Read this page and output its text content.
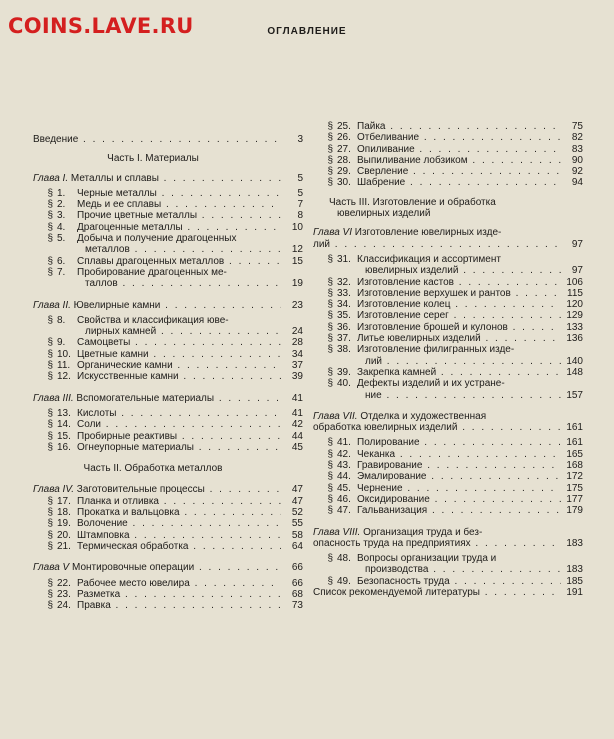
COINS.LAVE.RU	ОГЛАВЛЕНИЕ
Введение . . .	3
Часть I. Материалы
Глава I. Металлы и сплавы . . .	5
§ 1.	Черные металлы . . .	5
§ 2.	Медь и ее сплавы . . .	7
§ 3.	Прочие цветные металлы . . .	8
§ 4.	Драгоценные металлы . . .	10
§ 5.	Добыча и получение драгоценных
металлов . . .	12
§ 6.	Сплавы драгоценных металлов . . .	15
§ 7.	Пробирование драгоценных ме-
таллов . . .	19
Глава II. Ювелирные камни . . .	23
§ 8.	Свойства и классификация юве-
лирных камней . . .	24
§ 9.	Самоцветы . . .	28
§ 10. Цветные камни . . .	34
§ 11. Органические камни . . .	37
§ 12. Искусственные камни . . .	39
Глава III. Вспомогательные материалы . . .	41
§ 13. Кислоты . . .	41
§ 14. Соли . . .	42
§ 15. Пробирные реактивы . . .	44
§ 16. Огнеупорные материалы . . .	45
Часть II. Обработка металлов
Глава IV. Заготовительные процессы . . .	47
§ 17. Планка и отливка . . .	47
§ 18. Прокатка и вальцовка . . .	52
§ 19. Волочение . . .	55
§ 20. Штамповка . . .	58
§ 21. Термическая обработка . . .	64
Глава V Монтировочные операции . . .	66
§ 22. Рабочее место ювелира . . .	66
§ 23. Разметка . . .	68
§ 24. Правка . . .	73
§ 25. Пайка . . .	75
§ 26. Отбеливание . . .	82
§ 27. Опиливание . . .	83
§ 28. Выпиливание лобзиком . . .	90
§ 29. Сверление . . .	92
§ 30. Шабрение . . .	94
Часть III. Изготовление и обработка
ювелирных изделий
Глава VI Изготовление ювелирных изде-
лий . . .	97
§ 31. Классификация и ассортимент
ювелирных изделий . . .	97
§ 32. Изготовление кастов . . .	106
§ 33. Изготовление верхушек и рантов . . .	115
§ 34. Изготовление колец . . .	120
§ 35. Изготовление серег . . .	129
§ 36. Изготовление брошей и кулонов . . .	133
§ 37. Литье ювелирных изделий . . .	136
§ 38. Изготовление филигранных изде-
лий . . .	140
§ 39. Закрепка камней . . .	148
§ 40. Дефекты изделий и их устране-
ние . . .	157
Глава VII. Отделка и художественная
обработка ювелирных изделий . . .	161
§ 41. Полирование . . .	161
§ 42. Чеканка . . .	165
§ 43. Гравирование . . .	168
§ 44. Эмалирование . . .	172
§ 45. Чернение . . .	175
§ 46. Оксидирование . . .	177
§ 47. Гальванизация . . .	179
Глава VIII. Организация труда и без-
опасность труда на предприятиях . . .	183
§ 48. Вопросы организации труда и
производства . . .	183
§ 49. Безопасность труда . . .	185
Список рекомендуемой литературы . . .	191
